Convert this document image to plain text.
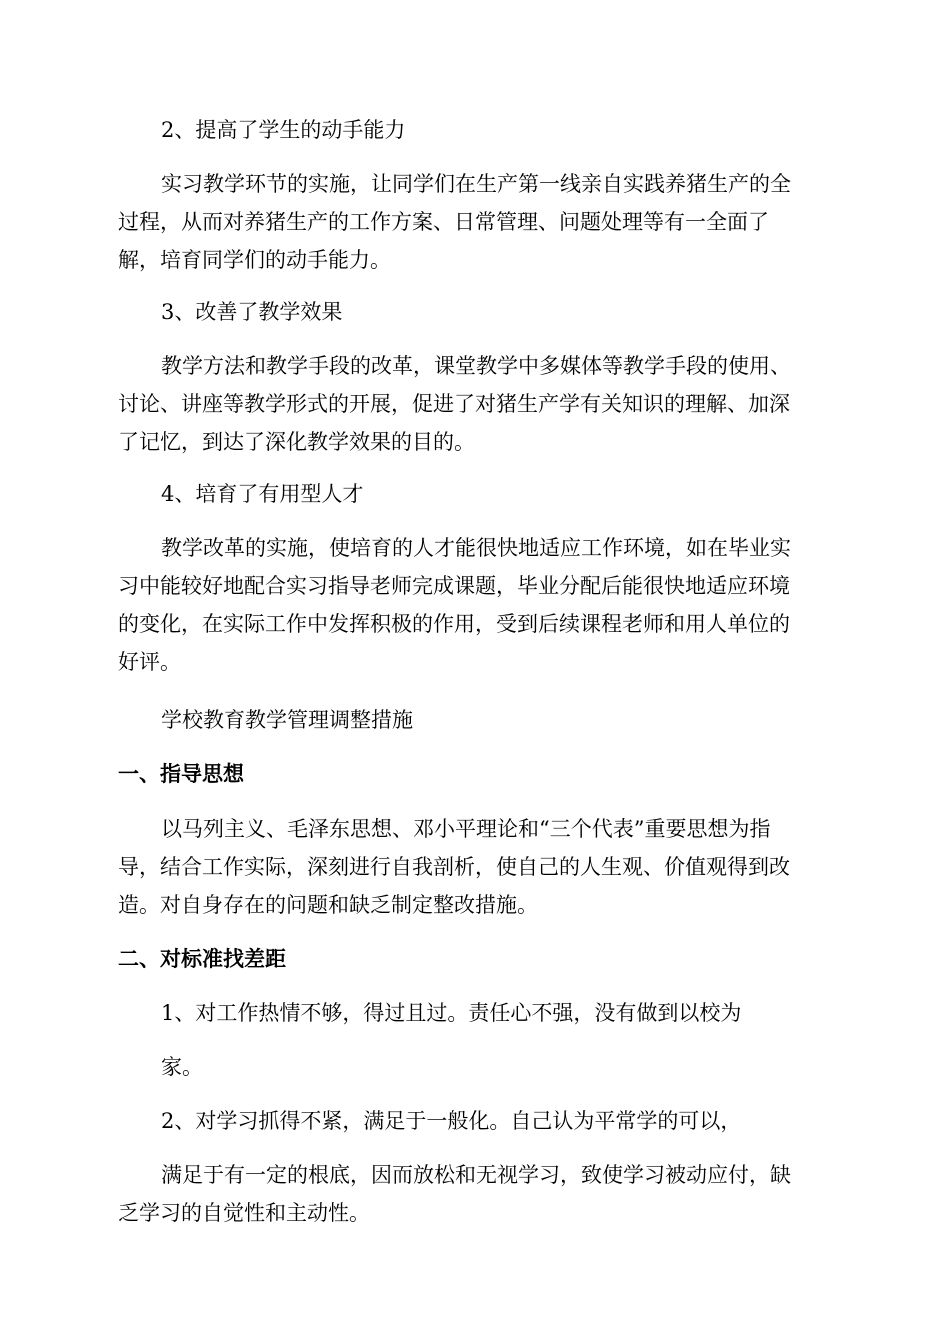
2、提高了学生的动手能力

实习教学环节的实施，让同学们在生产第一线亲自实践养猪生产的全

过程，从而对养猪生产的工作方案、日常管理、问题处理等有一全面了

解，培育同学们的动手能力。

3、改善了教学效果

教学方法和教学手段的改革，课堂教学中多媒体等教学手段的使用、

讨论、讲座等教学形式的开展，促进了对猪生产学有关知识的理解、加深

了记忆，到达了深化教学效果的目的。

4、培育了有用型人才

教学改革的实施，使培育的人才能很快地适应工作环境，如在毕业实

习中能较好地配合实习指导老师完成课题，毕业分配后能很快地适应环境

的变化，在实际工作中发挥积极的作用，受到后续课程老师和用人单位的

好评。

学校教育教学管理调整措施

一、指导思想

以马列主义、毛泽东思想、邓小平理论和“三个代表”重要思想为指

导，结合工作实际，深刻进行自我剖析，使自己的人生观、价值观得到改

造。对自身存在的问题和缺乏制定整改措施。

二、对标准找差距

1、对工作热情不够，得过且过。责任心不强，没有做到以校为

家。

2、对学习抓得不紧，满足于一般化。自己认为平常学的可以，

满足于有一定的根底，因而放松和无视学习，致使学习被动应付，缺

乏学习的自觉性和主动性。
